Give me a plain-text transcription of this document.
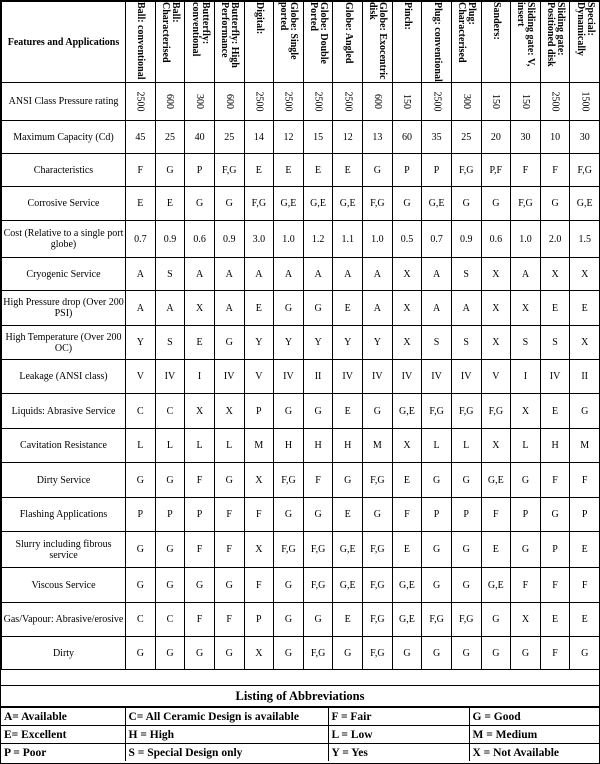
Features and Applications	Ball: conventional	Ball: Characterised	Butterfly: conventional	Butterfly: High Performance	Digital:	Globe: Single ported	Globe: Double Ported	Globe: Angled	Globe: Exocentric disk	Pinch:	Plug: conventional	Plug: Characterised	Sanders:	Sliding gate: V, insert	Sliding gate: Positioned disk	Special: Dynamically

ANSI Class Pressure rating	2500	600	300	600	2500	2500	2500	2500	600	150	2500	300	150	150	2500	1500
Maximum Capacity (Cd)	45	25	40	25	14	12	15	12	13	60	35	25	20	30	10	30
Characteristics	F	G	P	F,G	E	E	E	E	G	P	P	F,G	P,F	F	F	F,G
Corrosive Service	E	E	G	G	F,G	G,E	G,E	G,E	F,G	G	G,E	G	G	F,G	G	G,E
Cost (Relative to a single port globe)	0.7	0.9	0.6	0.9	3.0	1.0	1.2	1.1	1.0	0.5	0.7	0.9	0.6	1.0	2.0	1.5
Cryogenic Service	A	S	A	A	A	A	A	A	A	X	A	S	X	A	X	X
High Pressure drop (Over 200 PSI)	A	A	X	A	E	G	G	E	A	X	A	A	X	X	E	E
High Temperature (Over 200 OC)	Y	S	E	G	Y	Y	Y	Y	Y	X	S	S	X	S	S	X
Leakage (ANSI class)	V	IV	I	IV	V	IV	II	IV	IV	IV	IV	IV	V	I	IV	II
Liquids: Abrasive Service	C	C	X	X	P	G	G	E	G	G,E	F,G	F,G	F,G	X	E	G
Cavitation Resistance	L	L	L	L	M	H	H	H	M	X	L	L	X	L	H	M
Dirty Service	G	G	F	G	X	F,G	F	G	F,G	E	G	G	G,E	G	F	F
Flashing Applications	P	P	P	F	F	G	G	E	G	F	P	P	F	P	G	P
Slurry including fibrous service	G	G	F	F	X	F,G	F,G	G,E	F,G	E	G	G	E	G	P	E
Viscous Service	G	G	G	G	F	G	F,G	G,E	F,G	G,E	G	G	G,E	F	F	F
Gas/Vapour: Abrasive/erosive	C	C	F	F	P	G	G	E	F,G	G,E	F,G	F,G	G	X	E	E
Dirty	G	G	G	G	X	G	F,G	G	F,G	G	G	G	G	G	F	G
Listing of Abbreviations
A= Available	C= All Ceramic Design is available	F = Fair	G = Good
E= Excellent	H = High	L = Low	M = Medium
P = Poor	S = Special Design only	Y = Yes	X = Not Available
